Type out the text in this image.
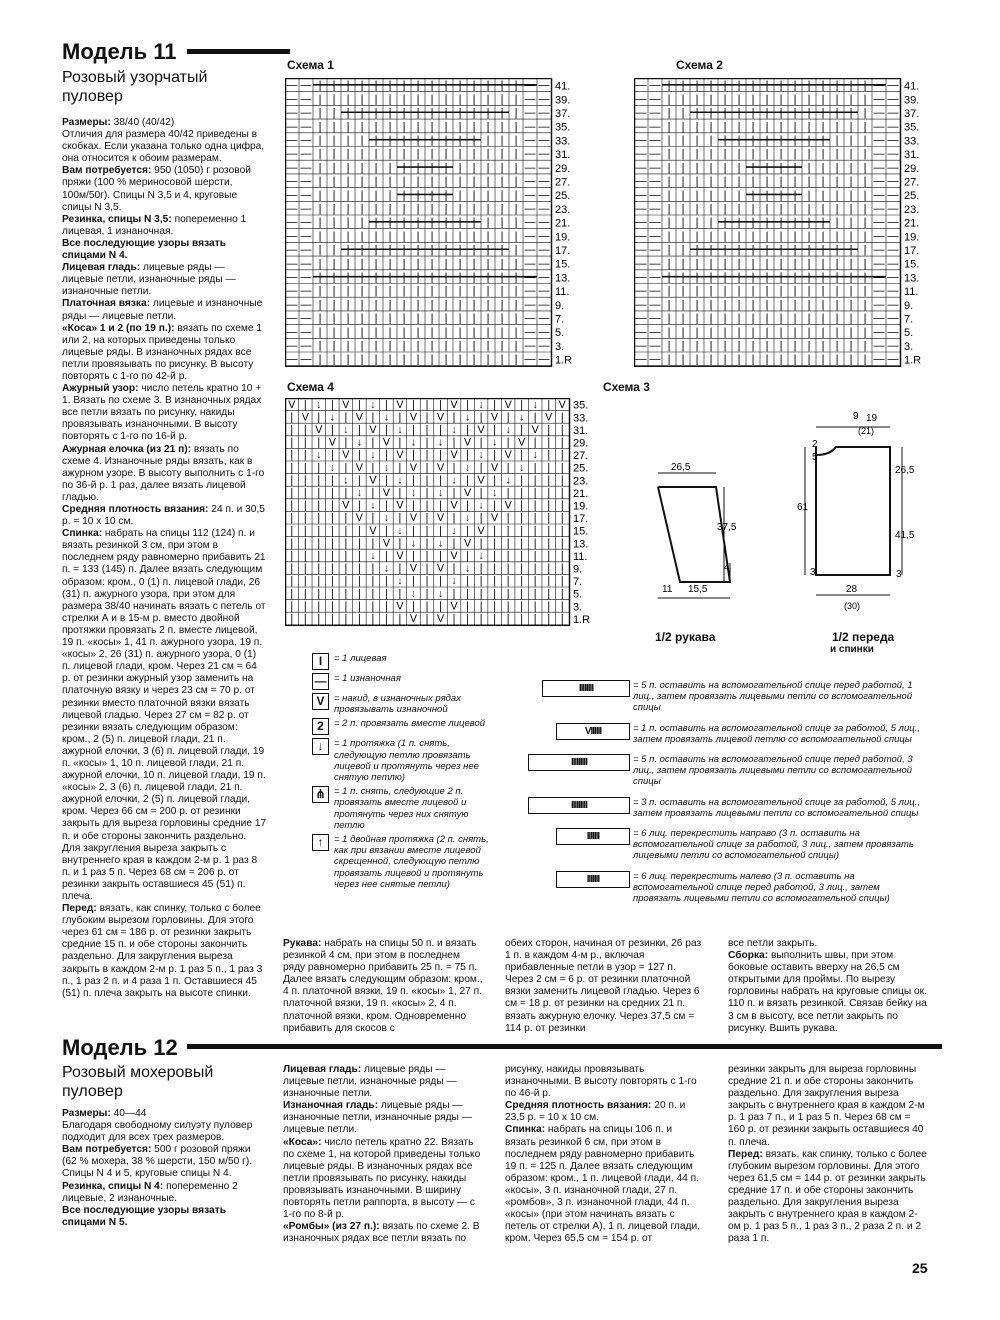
Модель 11
Розовый узорчатый пуловер

Размеры: 38/40 (40/42)

Отличия для размера 40/42 приведены в скобках. Если указана только одна цифра, она относится к обоим размерам.

Вам потребуется: 950 (1050) г розовой пряжи (100 % мериносовой шерсти, 100м/50г). Спицы N 3,5 и 4, круговые спицы N 3,5.

Резинка, спицы N 3,5: попеременно 1 лицевая, 1 изнаночная.

Все последующие узоры вязать спицами N 4.

Лицевая гладь: лицевые ряды — лицевые петли, изнаночные ряды — изнаночные петли.

Платочная вязка: лицевые и изнаночные ряды — лицевые петли.

«Коса» 1 и 2 (по 19 п.): вязать по схеме 1 или 2, на которых приведены только лицевые ряды. В изнаночных рядах все петли провязывать по рисунку. В высоту повторять с 1-го по 42-й р.

Ажурный узор: число петель кратно 10 + 1. Вязать по схеме 3. В изнаночных рядах все петли вязать по рисунку, накиды провязывать изнаночными. В высоту повторять с 1-го по 16-й р.

Ажурная елочка (из 21 п): вязать по схеме 4. Изнаночные ряды вязать, как в ажурном узоре. В высоту выполнить с 1-го по 36-й р. 1 раз, далее вязать лицевой гладью.

Средняя плотность вязания: 24 п. и 30,5 р. = 10 х 10 см.

Спинка: набрать на спицы 112 (124) п. и вязать резинкой 3 см, при этом в последнем ряду равномерно прибавить 21 п. = 133 (145) п. Далее вязать следующим образом: кром., 0 (1) п. лицевой глади, 26 (31) п. ажурного узора, при этом для размера 38/40 начинать вязать с петель от стрелки А и в 15-м р. вместо двойной протяжки провязать 2 п. вместе лицевой, 19 п. «косы» 1, 41 п. ажурного узора, 19 п. «косы» 2, 26 (31) п. ажурного узора, 0 (1) п. лицевой глади, кром. Через 21 см = 64 р. от резинки ажурный узор заменить на платочную вязку и через 23 см = 70 р. от резинки вместо платочной вязки вязать лицевой гладью. Через 27 см = 82 р. от резинки вязать следующим образом: кром., 2 (5) п. лицевой глади, 21 п. ажурной елочки, 3 (6) п. лицевой глади, 19 п. «косы» 1, 10 п. лицевой глади, 21 п. ажурной елочки, 10 п. лицевой глади, 19 п. «косы» 2, 3 (6) п. лицевой глади, 21 п. ажурной елочки, 2 (5) п. лицевой глади, кром. Через 66 см = 200 р. от резинки закрыть для выреза горловины средние 17 п. и обе стороны закончить раздельно. Для закругления выреза закрыть с внутреннего края в каждом 2-м р. 1 раз 8 п. и 1 раз 5 п. Через 68 см = 206 р. от резинки закрыть оставшиеся 45 (51) п. плеча.

Перед: вязать, как спинку, только с более глубоким вырезом горловины. Для этого через 61 см = 186 р. от резинки закрыть средние 15 п. и обе стороны закончить раздельно. Для закругления выреза закрыть в каждом 2-м р. 1 раз 5 п., 1 раз 3 п., 1 раз 2 п. и 4 раза 1 п. Оставшиеся 45 (51) п. плеча закрыть на высоте спинки.

Схема 1	Схема 2
Схема 4	Схема 3
— — | | | | | | | | | | | | | | | — — 41.
— — | | | | | | | | | | | | | | | — — 39.
— — | | | | | | | | | | | | | | | — — 37.
— — | | | | | | | | | | | | | | | — — 35.
— — | | | | | | | | | | | | | | | — — 33.
— — | | | | | | | | | | | | | | | — — 31.
— — | | | | | | | | | | | | | | | — — 29.
— — | | | | | | | | | | | | | | | — — 27.
— — | | | | | | | | | | | | | | | — — 25.
— — | | | | | | | | | | | | | | | — — 23.
— — | | | | | | | | | | | | | | | — — 21.
— — | | | | | | | | | | | | | | | — — 19.
— — | | | | | | | | | | | | | | | — — 17.
— — | | | | | | | | | | | | | | | — — 15.
— — | | | | | | | | | | | | | | | — — 13.
— — | | | | | | | | | | | | | | | — — 11.
— — | | | | | | | | | | | | | | | — — 9.
— — | | | | | | | | | | | | | | | — — 7.
— — | | | | | | | | | | | | | | | — — 5.
— — | | | | | | | | | | | | | | | — — 3.
— — | | | | | | | | | | | | | | | — — 1.R
— — | | | | | | | | | | | | | | | — — 41.
— — | | | | | | | | | | | | | | | — — 39.
— — | | | | | | | | | | | | | | | — — 37.
— — | | | | | | | | | | | | | | | — — 35.
— — | | | | | | | | | | | | | | | — — 33.
— — | | | | | | | | | | | | | | | — — 31.
— — | | | | | | | | | | | | | | | — — 29.
— — | | | | | | | | | | | | | | | — — 27.
— — | | | | | | | | | | | | | | | — — 25.
— — | | | | | | | | | | | | | | | — — 23.
— — | | | | | | | | | | | | | | | — — 21.
— — | | | | | | | | | | | | | | | — — 19.
— — | | | | | | | | | | | | | | | — — 17.
— — | | | | | | | | | | | | | | | — — 15.
— — | | | | | | | | | | | | | | | — — 13.
— — | | | | | | | | | | | | | | | — — 11.
— — | | | | | | | | | | | | | | | — — 9.
— — | | | | | | | | | | | | | | | — — 7.
— — | | | | | | | | | | | | | | | — — 5.
— — | | | | | | | | | | | | | | | — — 3.
— — | | | | | | | | | | | | | | | — — 1.R
V | ↓ | V | ↓ | V | | | V | ↓ | V | ↓ | V 35.
| V | ↓ | V | ↓ | V | V | ↓ | V | ↓ | V | 33.
| | V | ↓ | V | ↓ | | | ↓ | V | ↓ | V | | 31.
| | | V | ↓ | V | ↓ | ↓ | V | ↓ | V | | | 29.
| | ↓ | V | ↓ | V | | | V | ↓ | V | ↓ | | 27.
| | | ↓ | V | ↓ | V | V | ↓ | V | ↓ | | | 25.
| | | | ↓ | V | ↓ | | | ↓ | V | ↓ | | | | 23.
| | | | | ↓ | V | ↓ | ↓ | V | ↓ | | | | | 21.
| | | | V | ↓ | V | | | V | ↓ | V | | | | 19.
| | | | | V | ↓ | V | V | ↓ | V | | | | | 17.
| | | | | | V | ↓ | | | ↓ | V | | | | | | 15.
| | | | | | | V | ↓ | ↓ | V | | | | | | | 13.
| | | | | | ↓ | V | | | V | ↓ | | | | | | 11.
| | | | | | | ↓ | V | V | ↓ | | | | | | | 9.
| | | | | | | | ↓ | | | ↓ | | | | | | | | 7.
| | | | | | | | | ↓ | ↓ | | | | | | | | | 5.
| | | | | | | | V | | | V | | | | | | | | 3.
| | | | | | | | | V | V | | | | | | | | | 1.R
26,5
37,5
4
11 15,5
9 19
(21)
2
5
26,5
61
41,5
3	3
28
(30)
1/2 рукава	1/2 переда
и спинки
I	= 1 лицевая
— = 1 изнаночная
V	= накид, в изнаночных рядах провязывать изнаночной
2	= 2 п. провязать вместе лицевой
↓	= 1 протяжка (1 п. снять, следующую петлю провязать лицевой и протянуть через нее снятую петлю)
⋔ = 1 п. снять, следующие 2 п. провязать вместе лицевой и протянуть через них снятую петлю
↑	= 1 двойная протяжка (2 п. снять, как при вязании вместе лицевой скрещенной, следующую петлю провязать лицевой и протянуть через нее снятые петли)
IIIIIIII	= 5 п. оставить на вспомогательной спице перед работой, 1 лиц., затем провязать лицевыми петли со вспомогательной спицы
VIIIIII	= 1 п. оставить на вспомогательной спице за работой, 5 лиц., затем провязать лицевой петлю со вспомогательной спицы
IIIIIIIII	= 5 п. оставить на вспомогательной спице перед работой, 3 лиц., затем провязать лицевыми петли со вспомогательной спицы
IIIIIIIII	= 3 п. оставить на вспомогательной спице за работой, 5 лиц., затем провязать лицевыми петли со вспомогательной спицы
IIIIIII	= 6 лиц. перекрестить направо (3 п. оставить на вспомогательной спице за работой, 3 лиц., затем провязать лицевыми петли со вспомогательной спицы)
IIIIIII	= 6 лиц. перекрестить налево (3 п. оставить на вспомогательной спице перед работой, 3 лиц., затем провязать лицевыми петли со вспомогательной спицы)

Рукава: набрать на спицы 50 п. и вязать резинкой 4 см, при этом в последнем ряду равномерно прибавить 25 п. = 75 п. Далее вязать следующим образом: кром., 4 п. платочной вязки, 19 п. «косы» 1, 27 п. платочной вязки, 19 п. «косы» 2, 4 п. платочной вязки, кром. Одновременно прибавить для скосов с

обеих сторон, начиная от резинки, 26 раз 1 п. в каждом 4-м р., включая прибавленные петли в узор = 127 п. Через 2 см = 6 р. от резинки платочной вязки заменить лицевой гладью. Через 6 см = 18 р. от резинки на средних 21 п. вязать ажурную елочку. Через 37,5 см = 114 р. от резинки

все петли закрыть.

Сборка: выполнить швы, при этом боковые оставить вверху на 26,5 см открытыми для проймы. По вырезу горловины набрать на круговые спицы ок. 110 п. и вязать резинкой. Связав бейку на 3 см в высоту, все петли закрыть по рисунку. Вшить рукава.

Модель 12
Розовый мохеровый пуловер

Размеры: 40—44

Благодаря свободному силуэту пуловер подходит для всех трех размеров.

Вам потребуется: 500 г розовой пряжи (62 % мохера, 38 % шерсти, 150 м/50 г). Спицы N 4 и 5, круговые спицы N 4.

Резинка, спицы N 4: попеременно 2 лицевые, 2 изнаночные.

Все последующие узоры вязать спицами N 5.

Лицевая гладь: лицевые ряды — лицевые петли, изнаночные ряды — изнаночные петли.

Изнаночная гладь: лицевые ряды — изнаночные петли, изнаночные ряды — лицевые петли.

«Коса»: число петель кратно 22. Вязать по схеме 1, на которой приведены только лицевые ряды. В изнаночных рядах все петли провязывать по рисунку, накиды провязывать изнаночными. В ширину повторять петли раппорта, в высоту — с 1-го по 8-й р.

«Ромбы» (из 27 п.): вязать по схеме 2. В изнаночных рядах все петли вязать по

рисунку, накиды провязывать изнаночными. В высоту повторять с 1-го по 46-й р.

Средняя плотность вязания: 20 п. и 23,5 р. = 10 х 10 см.

Спинка: набрать на спицы 106 п. и вязать резинкой 6 см, при этом в последнем ряду равномерно прибавить 19 п. = 125 п. Далее вязать следующим образом: кром., 1 п. лицевой глади, 44 п. «косы», 3 п. изнаночной глади, 27 п. «ромбов», 3 п. изнаночной глади, 44 п. «косы» (при этом начинать вязать с петель от стрелки А), 1 п. лицевой глади, кром. Через 65,5 см = 154 р. от

резинки закрыть для выреза горловины средние 21 п. и обе стороны закончить раздельно. Для закругления выреза закрыть с внутреннего края в каждом 2-м р. 1 раз 7 п., и 1 раз 5 п. Через 68 см = 160 р. от резинки закрыть оставшиеся 40 п. плеча.

Перед: вязать, как спинку, только с более глубоким вырезом горловины. Для этого через 61,5 см = 144 р. от резинки закрыть средние 17 п. и обе стороны закончить раздельно. Для закругления выреза закрыть с внутреннего края в каждом 2-ом р. 1 раз 5 п., 1 раз 3 п., 2 раза 2 п. и 2 раза 1 п.

25
